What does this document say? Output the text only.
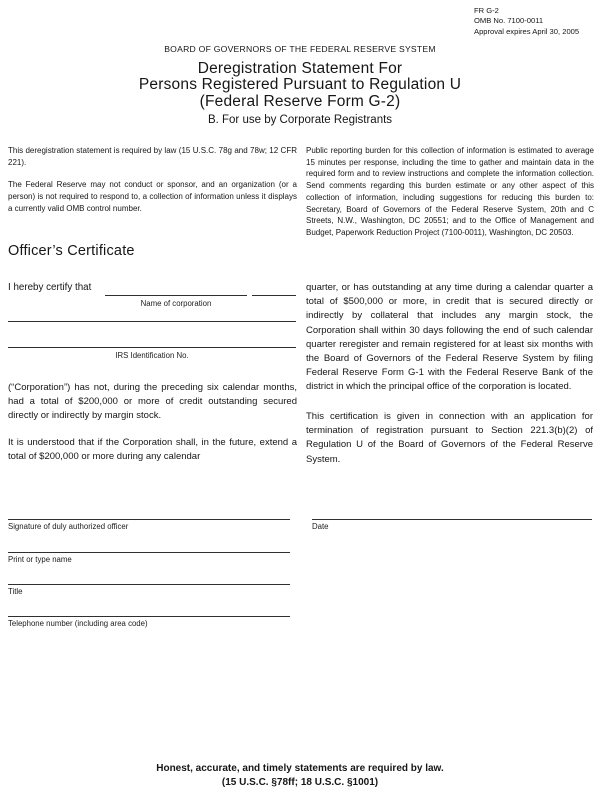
FR G-2
OMB No. 7100-0011
Approval expires April 30, 2005
BOARD OF GOVERNORS OF THE FEDERAL RESERVE SYSTEM
Deregistration Statement For
Persons Registered Pursuant to Regulation U
(Federal Reserve Form G-2)
B. For use by Corporate Registrants

This deregistration statement is required by law (15 U.S.C. 78g and 78w; 12 CFR 221).

The Federal Reserve may not conduct or sponsor, and an organization (or a person) is not required to respond to, a collection of information unless it displays a currently valid OMB control number.

Public reporting burden for this collection of information is estimated to average 15 minutes per response, including the time to gather and maintain data in the required form and to review instructions and complete the information collection. Send comments regarding this burden estimate or any other aspect of this collection of information, including suggestions for reducing this burden to: Secretary, Board of Governors of the Federal Reserve System, 20th and C Streets, N.W., Washington, DC 20551; and to the Office of Management and Budget, Paperwork Reduction Project (7100-0011), Washington, DC 20503.

Officer’s Certificate
I hereby certify that
Name of corporation
IRS Identification No.

(“Corporation”) has not, during the preceding six calendar months, had a total of $200,000 or more of credit outstanding secured directly or indirectly by margin stock.

It is understood that if the Corporation shall, in the future, extend a total of $200,000 or more during any calendar

quarter, or has outstanding at any time during a calendar quarter a total of $500,000 or more, in credit that is secured directly or indirectly by collateral that includes any margin stock, the Corporation shall within 30 days following the end of such calendar quarter reregister and remain registered for at least six months with the Board of Governors of the Federal Reserve System by filing Federal Reserve Form G-1 with the Federal Reserve Bank of the district in which the principal office of the corporation is located.

This certification is given in connection with an application for termination of registration pursuant to Section 221.3(b)(2) of Regulation U of the Board of Governors of the Federal Reserve System.

Signature of duly authorized officer	Date
Print or type name
Title
Telephone number (including area code)
Honest, accurate, and timely statements are required by law.
(15 U.S.C. §78ff; 18 U.S.C. §1001)
